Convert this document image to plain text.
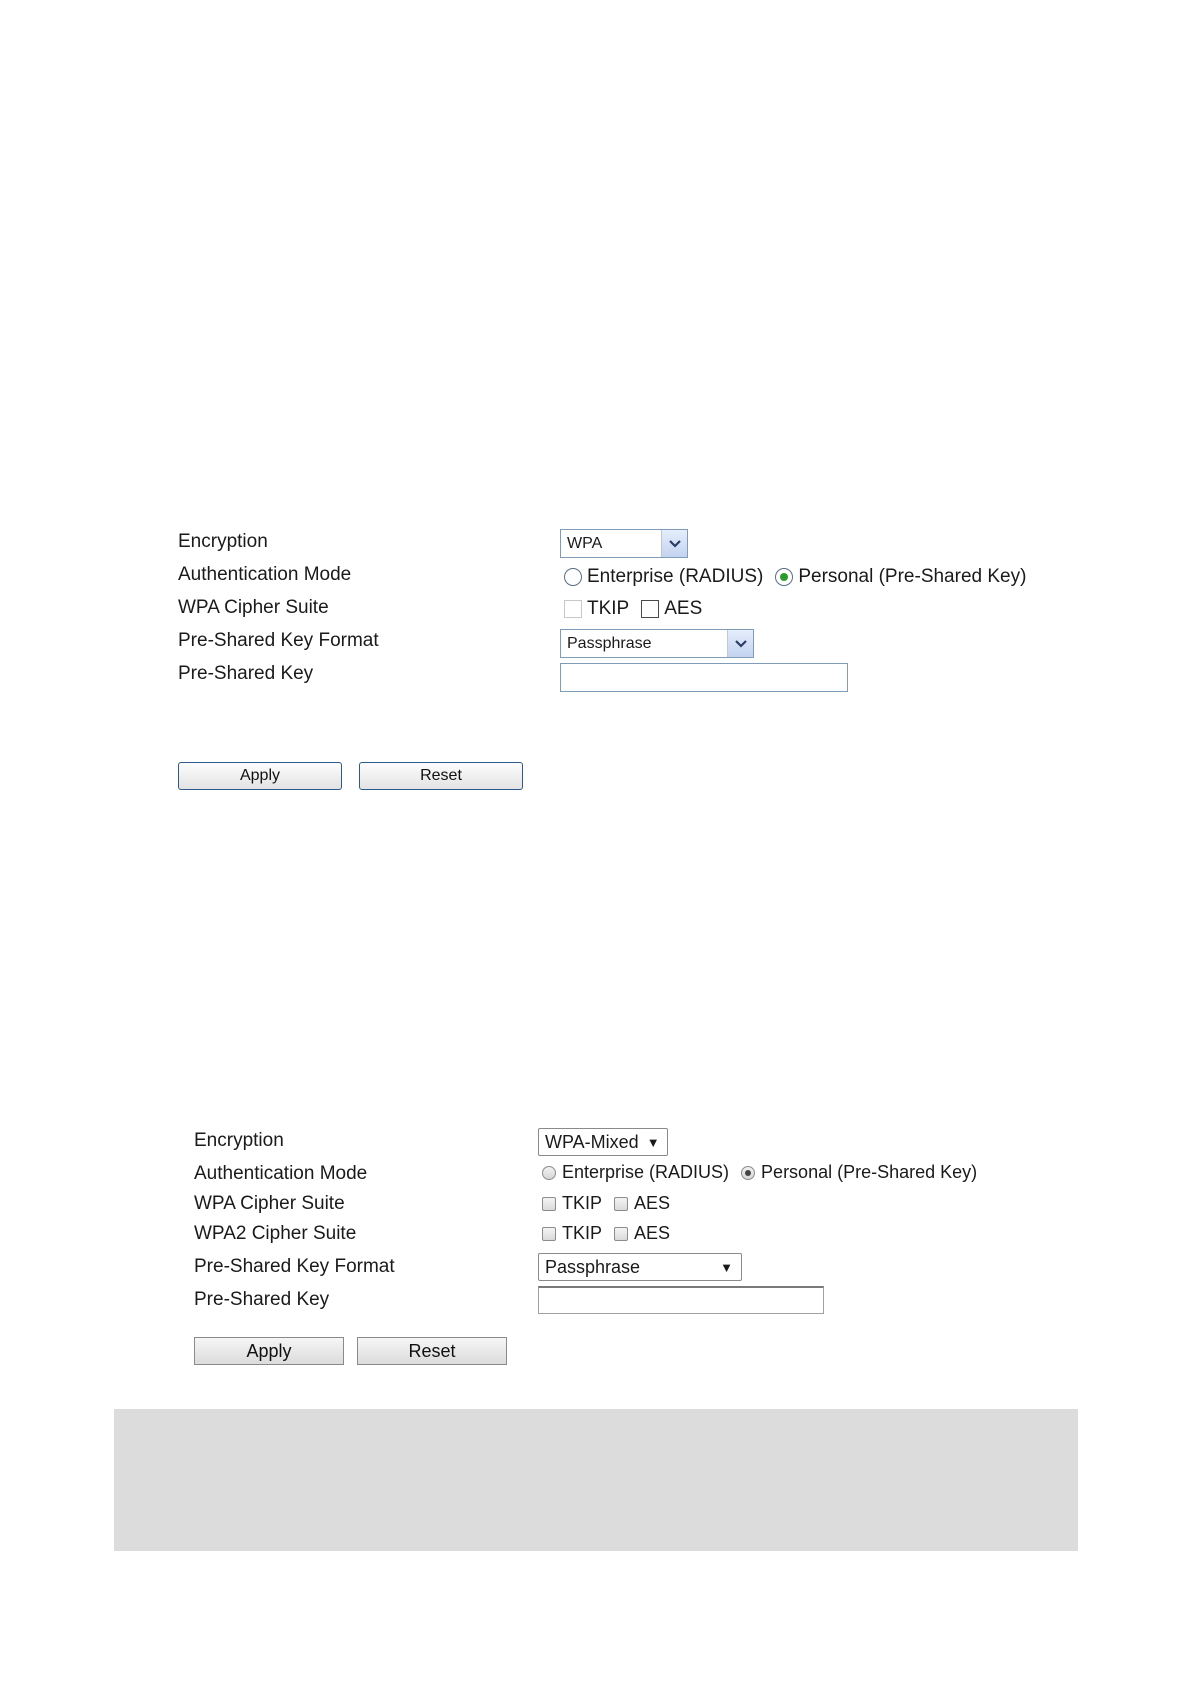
Encryption	WPA
Authentication Mode	Enterprise (RADIUS) Personal (Pre-Shared Key)
WPA Cipher Suite	TKIP AES
Pre-Shared Key Format	Passphrase
Pre-Shared Key
Apply	Reset
Encryption	WPA-Mixed ▼
Authentication Mode	Enterprise (RADIUS) Personal (Pre-Shared Key)
WPA Cipher Suite	TKIP AES
WPA2 Cipher Suite	TKIP AES
Pre-Shared Key Format	Passphrase	▼
Pre-Shared Key
Apply	Reset
